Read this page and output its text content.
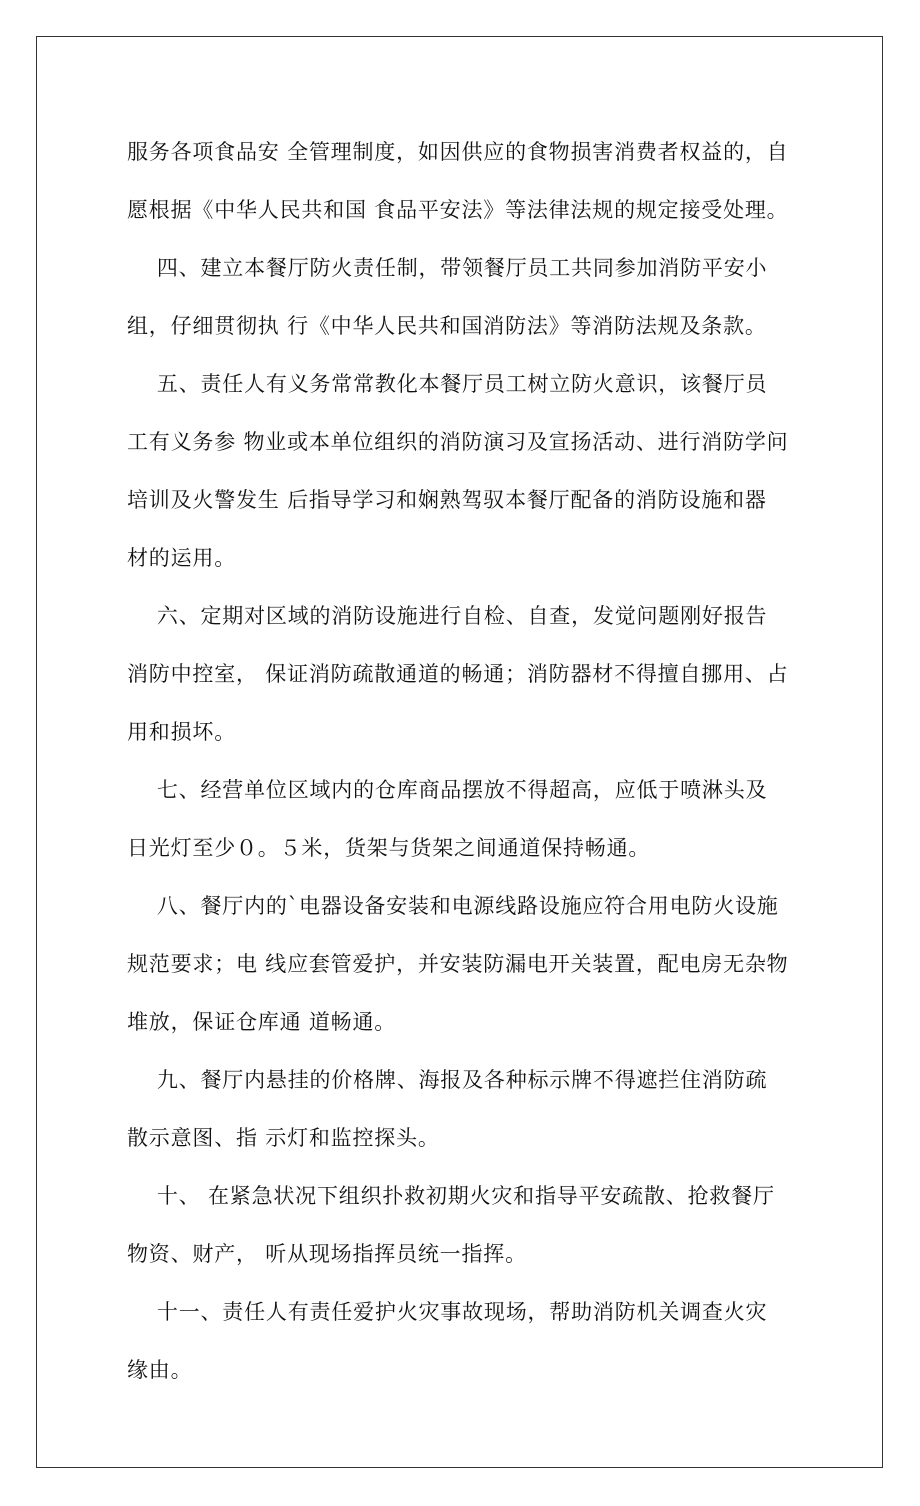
服务各项食品安 全管理制度，如因供应的食物损害消费者权益的，自
愿根据《中华人民共和国 食品平安法》等法律法规的规定接受处理。
四、建立本餐厅防火责任制，带领餐厅员工共同参加消防平安小
组，仔细贯彻执 行《中华人民共和国消防法》等消防法规及条款。
五、责任人有义务常常教化本餐厅员工树立防火意识，该餐厅员
工有义务参 物业或本单位组织的消防演习及宣扬活动、进行消防学问
培训及火警发生 后指导学习和娴熟驾驭本餐厅配备的消防设施和器
材的运用。
六、定期对区域的消防设施进行自检、自查，发觉问题刚好报告
消防中控室， 保证消防疏散通道的畅通；消防器材不得擅自挪用、占
用和损坏。
七、经营单位区域内的仓库商品摆放不得超高，应低于喷淋头及
日光灯至少０。５米，货架与货架之间通道保持畅通。
八、餐厅内的`电器设备安装和电源线路设施应符合用电防火设施
规范要求；电 线应套管爱护，并安装防漏电开关装置，配电房无杂物
堆放，保证仓库通 道畅通。
九、餐厅内悬挂的价格牌、海报及各种标示牌不得遮拦住消防疏
散示意图、指 示灯和监控探头。
十、 在紧急状况下组织扑救初期火灾和指导平安疏散、抢救餐厅
物资、财产， 听从现场指挥员统一指挥。
十一、责任人有责任爱护火灾事故现场，帮助消防机关调查火灾
缘由。
